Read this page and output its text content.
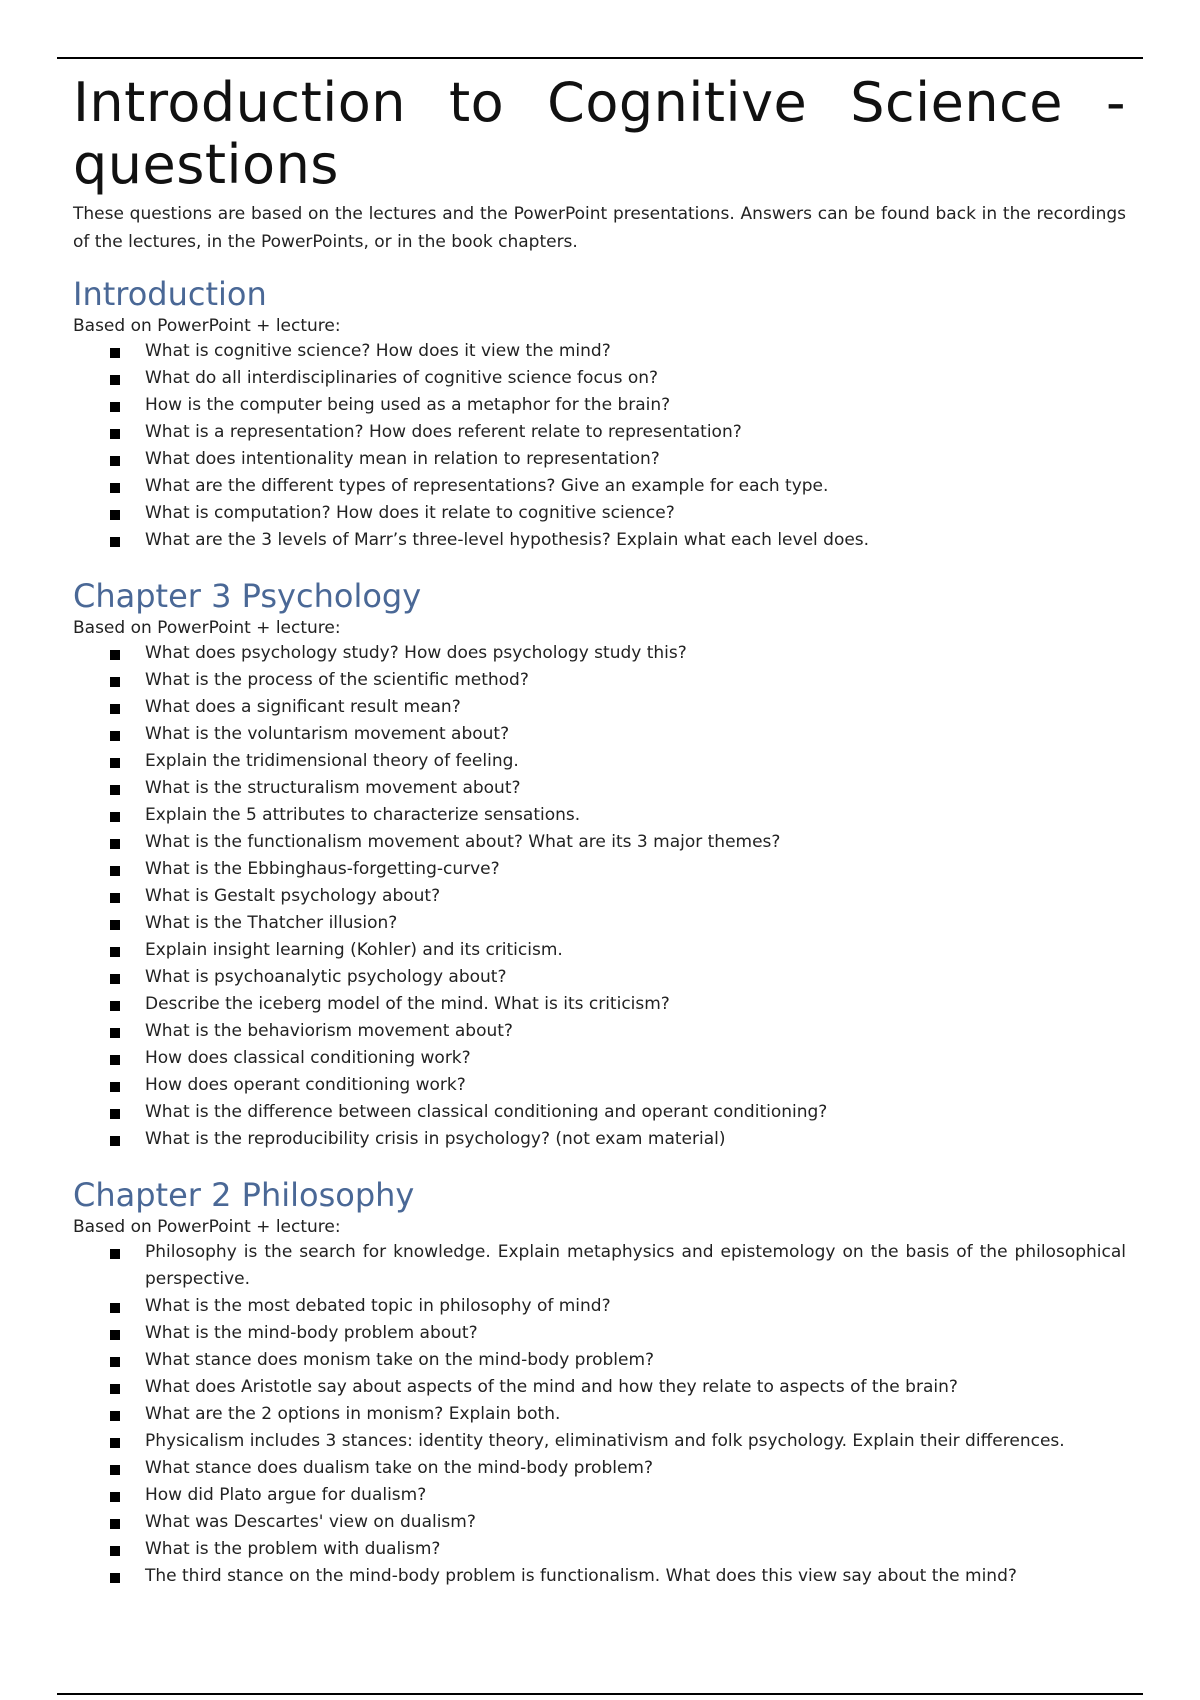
Introduction to Cognitive Science -
questions

These questions are based on the lectures and the PowerPoint presentations. Answers can be found back in the recordings of the lectures, in the PowerPoints, or in the book chapters.

Introduction

Based on PowerPoint + lecture:

What is cognitive science? How does it view the mind?
What do all interdisciplinaries of cognitive science focus on?
How is the computer being used as a metaphor for the brain?
What is a representation? How does referent relate to representation?
What does intentionality mean in relation to representation?
What are the different types of representations? Give an example for each type.
What is computation? How does it relate to cognitive science?
What are the 3 levels of Marr’s three-level hypothesis? Explain what each level does.
Chapter 3 Psychology

Based on PowerPoint + lecture:

What does psychology study? How does psychology study this?
What is the process of the scientific method?
What does a significant result mean?
What is the voluntarism movement about?
Explain the tridimensional theory of feeling.
What is the structuralism movement about?
Explain the 5 attributes to characterize sensations.
What is the functionalism movement about? What are its 3 major themes?
What is the Ebbinghaus-forgetting-curve?
What is Gestalt psychology about?
What is the Thatcher illusion?
Explain insight learning (Kohler) and its criticism.
What is psychoanalytic psychology about?
Describe the iceberg model of the mind. What is its criticism?
What is the behaviorism movement about?
How does classical conditioning work?
How does operant conditioning work?
What is the difference between classical conditioning and operant conditioning?
What is the reproducibility crisis in psychology? (not exam material)
Chapter 2 Philosophy

Based on PowerPoint + lecture:

Philosophy is the search for knowledge. Explain metaphysics and epistemology on the basis of the philosophical perspective.
What is the most debated topic in philosophy of mind?
What is the mind-body problem about?
What stance does monism take on the mind-body problem?
What does Aristotle say about aspects of the mind and how they relate to aspects of the brain?
What are the 2 options in monism? Explain both.
Physicalism includes 3 stances: identity theory, eliminativism and folk psychology. Explain their differences.
What stance does dualism take on the mind-body problem?
How did Plato argue for dualism?
What was Descartes' view on dualism?
What is the problem with dualism?
The third stance on the mind-body problem is functionalism. What does this view say about the mind?
